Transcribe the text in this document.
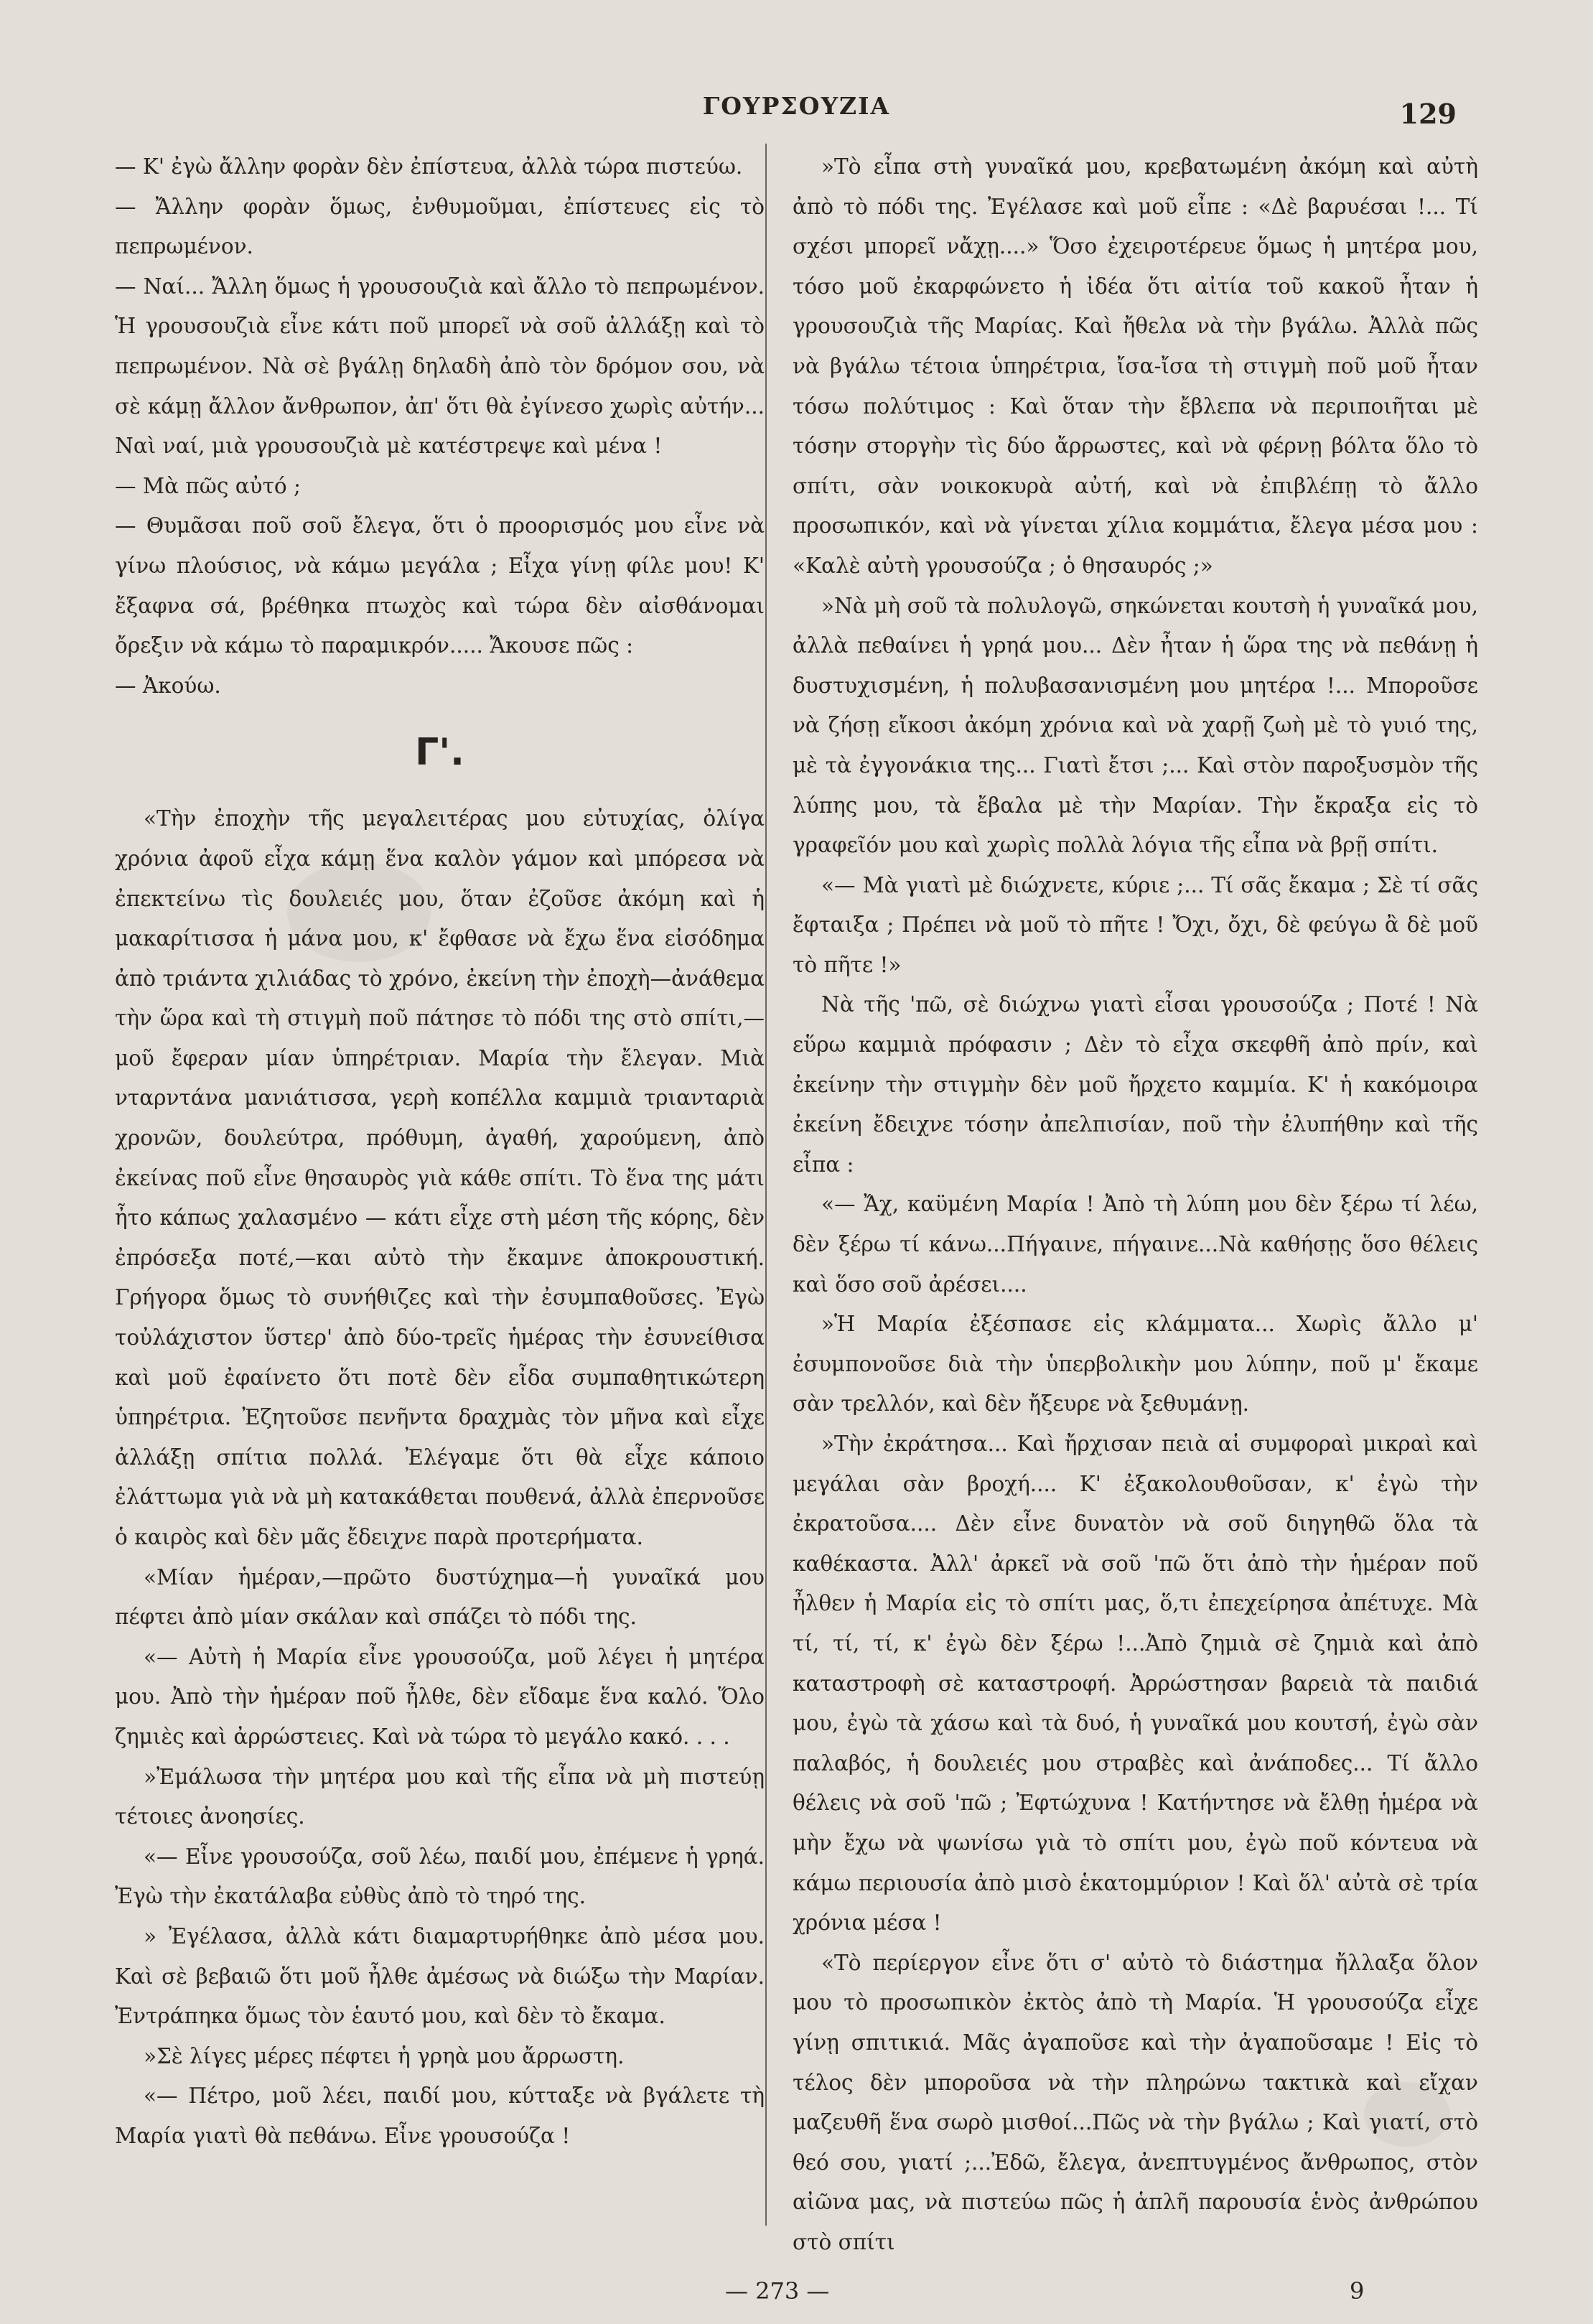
ΓΟΥΡΣΟΥΖΙΑ	129

— Κ' ἐγὼ ἄλλην φορὰν δὲν ἐπίστευα, ἀλλὰ τώρα πιστεύω.

— Ἄλλην φορὰν ὅμως, ἐνθυμοῦμαι, ἐπίστευες εἰς τὸ πεπρωμένον.

— Ναί... Ἄλλη ὅμως ἡ γρουσουζιὰ καὶ ἄλλο τὸ πεπρωμένον. Ἡ γρουσουζιὰ εἶνε κάτι ποῦ μπορεῖ νὰ σοῦ ἀλλάξῃ καὶ τὸ πεπρωμένον. Νὰ σὲ βγάλῃ δηλαδὴ ἀπὸ τὸν δρόμον σου, νὰ σὲ κάμῃ ἄλλον ἄνθρωπον, ἀπ' ὅτι θὰ ἐγίνεσο χωρὶς αὐτήν... Ναὶ ναί, μιὰ γρουσουζιὰ μὲ κατέστρεψε καὶ μένα !

— Μὰ πῶς αὐτό ;

— Θυμᾶσαι ποῦ σοῦ ἔλεγα, ὅτι ὁ προορισμός μου εἶνε νὰ γίνω πλούσιος, νὰ κάμω μεγάλα ; Εἶχα γίνῃ φίλε μου! Κ' ἔξαφνα σά, βρέθηκα πτωχὸς καὶ τώρα δὲν αἰσθάνομαι ὄρεξιν νὰ κάμω τὸ παραμικρόν..... Ἄκουσε πῶς :

— Ἀκούω.

Γ'.

«Τὴν ἐποχὴν τῆς μεγαλειτέρας μου εὐτυχίας, ὀλίγα χρόνια ἀφοῦ εἶχα κάμῃ ἕνα καλὸν γάμον καὶ μπόρεσα νὰ ἐπεκτείνω τὶς δουλειές μου, ὅταν ἐζοῦσε ἀκόμη καὶ ἡ μακαρίτισσα ἡ μάνα μου, κ' ἔφθασε νὰ ἔχω ἕνα εἰσόδημα ἀπὸ τριάντα χιλιάδας τὸ χρόνο, ἐκείνη τὴν ἐποχὴ—ἀνάθεμα τὴν ὥρα καὶ τὴ στιγμὴ ποῦ πάτησε τὸ πόδι της στὸ σπίτι,—μοῦ ἔφεραν μίαν ὑπηρέτριαν. Μαρία τὴν ἔλεγαν. Μιὰ νταρντάνα μανιάτισσα, γερὴ κοπέλλα καμμιὰ τριανταριὰ χρονῶν, δουλεύτρα, πρόθυμη, ἀγαθή, χαρούμενη, ἀπὸ ἐκείνας ποῦ εἶνε θησαυρὸς γιὰ κάθε σπίτι. Τὸ ἕνα της μάτι ἦτο κάπως χαλασμένο — κάτι εἶχε στὴ μέση τῆς κόρης, δὲν ἐπρόσεξα ποτέ,—και αὐτὸ τὴν ἔκαμνε ἀποκρουστική. Γρήγορα ὅμως τὸ συνήθιζες καὶ τὴν ἐσυμπαθοῦσες. Ἐγὼ τοὐλάχιστον ὕστερ' ἀπὸ δύο-τρεῖς ἡμέρας τὴν ἐσυνείθισα καὶ μοῦ ἐφαίνετο ὅτι ποτὲ δὲν εἶδα συμπαθητικώτερη ὑπηρέτρια. Ἐζητοῦσε πενῆντα δραχμὰς τὸν μῆνα καὶ εἶχε ἀλλάξῃ σπίτια πολλά. Ἐλέγαμε ὅτι θὰ εἶχε κάποιο ἐλάττωμα γιὰ νὰ μὴ κατακάθεται πουθενά, ἀλλὰ ἐπερνοῦσε ὁ καιρὸς καὶ δὲν μᾶς ἔδειχνε παρὰ προτερήματα.

«Μίαν ἡμέραν,—πρῶτο δυστύχημα—ἡ γυναῖκά μου πέφτει ἀπὸ μίαν σκάλαν καὶ σπάζει τὸ πόδι της.

«— Αὐτὴ ἡ Μαρία εἶνε γρουσούζα, μοῦ λέγει ἡ μητέρα μου. Ἀπὸ τὴν ἡμέραν ποῦ ἦλθε, δὲν εἴδαμε ἕνα καλό. Ὅλο ζημιὲς καὶ ἀρρώστειες. Καὶ νὰ τώρα τὸ μεγάλο κακό. . . .

»Ἐμάλωσα τὴν μητέρα μου καὶ τῆς εἶπα νὰ μὴ πιστεύῃ τέτοιες ἀνοησίες.

«— Εἶνε γρουσούζα, σοῦ λέω, παιδί μου, ἐπέμενε ἡ γρηά. Ἐγὼ τὴν ἐκατάλαβα εὐθὺς ἀπὸ τὸ τηρό της.

» Ἐγέλασα, ἀλλὰ κάτι διαμαρτυρήθηκε ἀπὸ μέσα μου. Καὶ σὲ βεβαιῶ ὅτι μοῦ ἦλθε ἀμέσως νὰ διώξω τὴν Μαρίαν. Ἐντράπηκα ὅμως τὸν ἑαυτό μου, καὶ δὲν τὸ ἔκαμα.

»Σὲ λίγες μέρες πέφτει ἡ γρηὰ μου ἄρρωστη.

«— Πέτρο, μοῦ λέει, παιδί μου, κύτταξε νὰ βγάλετε τὴ Μαρία γιατὶ θὰ πεθάνω. Εἶνε γρουσούζα !

»Τὸ εἶπα στὴ γυναῖκά μου, κρεβατωμένη ἀκόμη καὶ αὐτὴ ἀπὸ τὸ πόδι της. Ἐγέλασε καὶ μοῦ εἶπε : «Δὲ βαρυέσαι !... Τί σχέσι μπορεῖ νἄχῃ....» Ὅσο ἐχειροτέρευε ὅμως ἡ μητέρα μου, τόσο μοῦ ἐκαρφώνετο ἡ ἰδέα ὅτι αἰτία τοῦ κακοῦ ἦταν ἡ γρουσουζιὰ τῆς Μαρίας. Καὶ ἤθελα νὰ τὴν βγάλω. Ἀλλὰ πῶς νὰ βγάλω τέτοια ὑπηρέτρια, ἴσα-ἴσα τὴ στιγμὴ ποῦ μοῦ ἦταν τόσω πολύτιμος : Καὶ ὅταν τὴν ἔβλεπα νὰ περιποιῆται μὲ τόσην στοργὴν τὶς δύο ἄρρωστες, καὶ νὰ φέρνῃ βόλτα ὅλο τὸ σπίτι, σὰν νοικοκυρὰ αὐτή, καὶ νὰ ἐπιβλέπῃ τὸ ἄλλο προσωπικόν, καὶ νὰ γίνεται χίλια κομμάτια, ἔλεγα μέσα μου : «Καλὲ αὐτὴ γρουσούζα ; ὁ θησαυρός ;»

»Νὰ μὴ σοῦ τὰ πολυλογῶ, σηκώνεται κουτσὴ ἡ γυναῖκά μου, ἀλλὰ πεθαίνει ἡ γρηά μου... Δὲν ἦταν ἡ ὥρα της νὰ πεθάνῃ ἡ δυστυχισμένη, ἡ πολυβασανισμένη μου μητέρα !... Μποροῦσε νὰ ζήσῃ εἴκοσι ἀκόμη χρόνια καὶ νὰ χαρῇ ζωὴ μὲ τὸ γυιό της, μὲ τὰ ἐγγονάκια της... Γιατὶ ἔτσι ;... Καὶ στὸν παροξυσμὸν τῆς λύπης μου, τὰ ἔβαλα μὲ τὴν Μαρίαν. Τὴν ἔκραξα εἰς τὸ γραφεῖόν μου καὶ χωρὶς πολλὰ λόγια τῆς εἶπα νὰ βρῇ σπίτι.

«— Μὰ γιατὶ μὲ διώχνετε, κύριε ;... Τί σᾶς ἔκαμα ; Σὲ τί σᾶς ἔφταιξα ; Πρέπει νὰ μοῦ τὸ πῆτε ! Ὄχι, ὄχι, δὲ φεύγω ἂ δὲ μοῦ τὸ πῆτε !»

Νὰ τῆς 'πῶ, σὲ διώχνω γιατὶ εἶσαι γρουσούζα ; Ποτέ ! Νὰ εὕρω καμμιὰ πρόφασιν ; Δὲν τὸ εἶχα σκεφθῆ ἀπὸ πρίν, καὶ ἐκείνην τὴν στιγμὴν δὲν μοῦ ἤρχετο καμμία. Κ' ἡ κακόμοιρα ἐκείνη ἔδειχνε τόσην ἀπελπισίαν, ποῦ τὴν ἐλυπήθην καὶ τῆς εἶπα :

«— Ἄχ, καϋμένη Μαρία ! Ἀπὸ τὴ λύπη μου δὲν ξέρω τί λέω, δὲν ξέρω τί κάνω...Πήγαινε, πήγαινε...Νὰ καθήσῃς ὅσο θέλεις καὶ ὅσο σοῦ ἀρέσει....

»Ἡ Μαρία ἐξέσπασε εἰς κλάμματα... Χωρὶς ἄλλο μ' ἐσυμπονοῦσε διὰ τὴν ὑπερβολικὴν μου λύπην, ποῦ μ' ἔκαμε σὰν τρελλόν, καὶ δὲν ἤξευρε νὰ ξεθυμάνῃ.

»Τὴν ἐκράτησα... Καὶ ἤρχισαν πειὰ αἱ συμφοραὶ μικραὶ καὶ μεγάλαι σὰν βροχή.... Κ' ἐξακολουθοῦσαν, κ' ἐγὼ τὴν ἐκρατοῦσα.... Δὲν εἶνε δυνατὸν νὰ σοῦ διηγηθῶ ὅλα τὰ καθέκαστα. Ἀλλ' ἀρκεῖ νὰ σοῦ 'πῶ ὅτι ἀπὸ τὴν ἡμέραν ποῦ ἦλθεν ἡ Μαρία εἰς τὸ σπίτι μας, ὅ,τι ἐπεχείρησα ἀπέτυχε. Μὰ τί, τί, τί, κ' ἐγὼ δὲν ξέρω !...Ἀπὸ ζημιὰ σὲ ζημιὰ καὶ ἀπὸ καταστροφὴ σὲ καταστροφή. Ἀρρώστησαν βαρειὰ τὰ παιδιά μου, ἐγὼ τὰ χάσω καὶ τὰ δυό, ἡ γυναῖκά μου κουτσή, ἐγὼ σὰν παλαβός, ἡ δουλειές μου στραβὲς καὶ ἀνάποδες... Τί ἄλλο θέλεις νὰ σοῦ 'πῶ ; Ἐφτώχυνα ! Κατήντησε νὰ ἔλθῃ ἡμέρα νὰ μὴν ἔχω νὰ ψωνίσω γιὰ τὸ σπίτι μου, ἐγὼ ποῦ κόντευα νὰ κάμω περιουσία ἀπὸ μισὸ ἑκατομμύριον ! Καὶ ὅλ' αὐτὰ σὲ τρία χρόνια μέσα !

«Τὸ περίεργον εἶνε ὅτι σ' αὐτὸ τὸ διάστημα ἤλλαξα ὅλον μου τὸ προσωπικὸν ἐκτὸς ἀπὸ τὴ Μαρία. Ἡ γρουσούζα εἶχε γίνῃ σπιτικιά. Μᾶς ἀγαποῦσε καὶ τὴν ἀγαποῦσαμε ! Εἰς τὸ τέλος δὲν μποροῦσα νὰ τὴν πληρώνω τακτικὰ καὶ εἴχαν μαζευθῆ ἕνα σωρὸ μισθοί...Πῶς νὰ τὴν βγάλω ; Καὶ γιατί, στὸ θεό σου, γιατί ;...Ἐδῶ, ἔλεγα, ἀνεπτυγμένος ἄνθρωπος, στὸν αἰῶνα μας, νὰ πιστεύω πῶς ἡ ἁπλῆ παρουσία ἑνὸς ἀνθρώπου στὸ σπίτι

— 273 —	9
